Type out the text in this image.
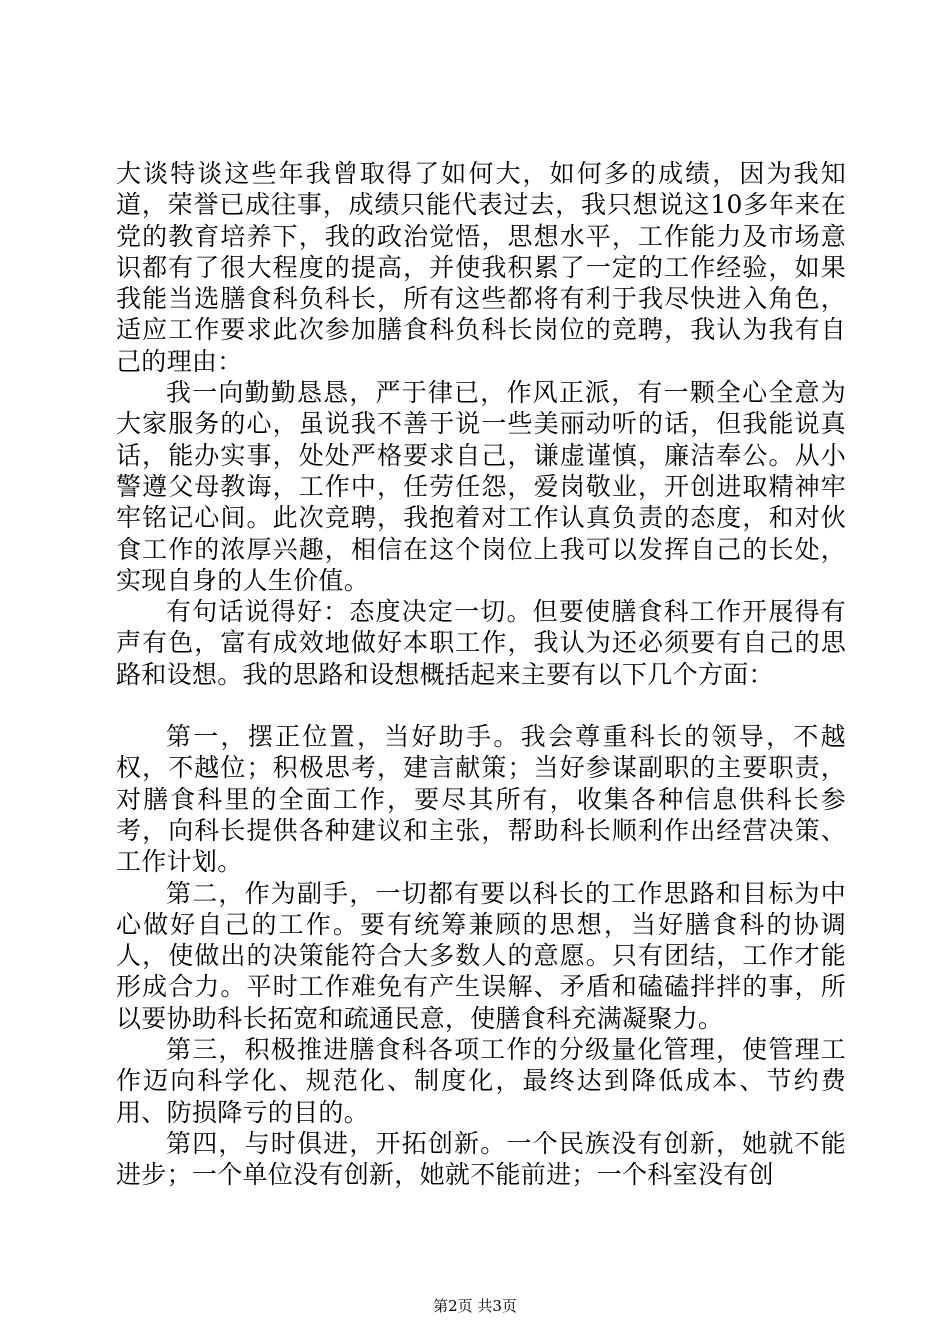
大谈特谈这些年我曾取得了如何大，如何多的成绩，因为我知道，荣誉已成往事，成绩只能代表过去，我只想说这10多年来在党的教育培养下，我的政治觉悟，思想水平，工作能力及市场意识都有了很大程度的提高，并使我积累了一定的工作经验，如果我能当选膳食科负科长，所有这些都将有利于我尽快进入角色，适应工作要求此次参加膳食科负科长岗位的竞聘，我认为我有自己的理由：

我一向勤勤恳恳，严于律已，作风正派，有一颗全心全意为大家服务的心，虽说我不善于说一些美丽动听的话，但我能说真话，能办实事，处处严格要求自己，谦虚谨慎，廉洁奉公。从小警遵父母教诲，工作中，任劳任怨，爱岗敬业，开创进取精神牢牢铭记心间。此次竞聘，我抱着对工作认真负责的态度，和对伙食工作的浓厚兴趣，相信在这个岗位上我可以发挥自己的长处，实现自身的人生价值。

有句话说得好：态度决定一切。但要使膳食科工作开展得有声有色，富有成效地做好本职工作，我认为还必须要有自己的思路和设想。我的思路和设想概括起来主要有以下几个方面：

第一，摆正位置，当好助手。我会尊重科长的领导，不越权，不越位；积极思考，建言献策；当好参谋副职的主要职责，对膳食科里的全面工作，要尽其所有，收集各种信息供科长参考，向科长提供各种建议和主张，帮助科长顺利作出经营决策、工作计划。

第二，作为副手，一切都有要以科长的工作思路和目标为中心做好自己的工作。要有统筹兼顾的思想，当好膳食科的协调人，使做出的决策能符合大多数人的意愿。只有团结，工作才能形成合力。平时工作难免有产生误解、矛盾和磕磕拌拌的事，所以要协助科长拓宽和疏通民意，使膳食科充满凝聚力。

第三，积极推进膳食科各项工作的分级量化管理，使管理工作迈向科学化、规范化、制度化，最终达到降低成本、节约费用、防损降亏的目的。

第四，与时俱进，开拓创新。一个民族没有创新，她就不能进步；一个单位没有创新，她就不能前进；一个科室没有创

第2页 共3页
